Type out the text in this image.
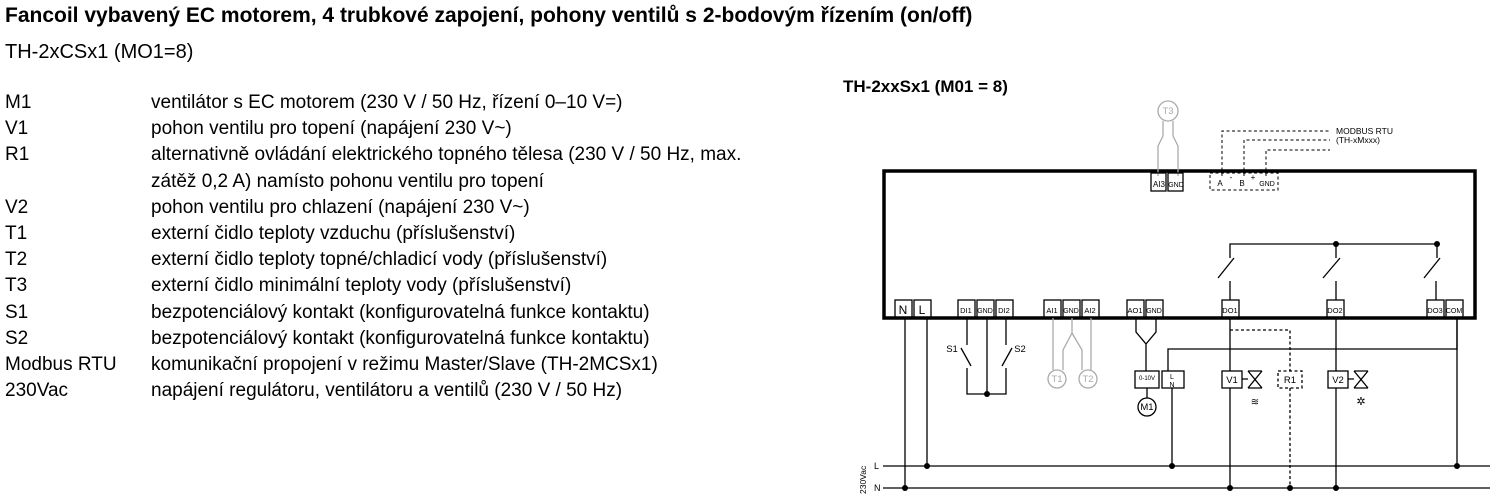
Fancoil vybavený EC motorem, 4 trubkové zapojení, pohony ventilů s 2-bodovým řízením (on/off)
TH-2xCSx1 (MO1=8)
M1	ventilátor s EC motorem (230 V / 50 Hz, řízení 0–10 V=)
V1	pohon ventilu pro topení (napájení 230 V~)
R1	alternativně ovládání elektrického topného tělesa (230 V / 50 Hz, max. zátěž 0,2 A) namísto pohonu ventilu pro topení
V2	pohon ventilu pro chlazení (napájení 230 V~)
T1	externí čidlo teploty vzduchu (příslušenství)
T2	externí čidlo teploty topné/chladicí vody (příslušenství)
T3	externí čidlo minimální teploty vody (příslušenství)
S1	bezpotenciálový kontakt (konfigurovatelná funkce kontaktu)
S2	bezpotenciálový kontakt (konfigurovatelná funkce kontaktu)
Modbus RTU	komunikační propojení v režimu Master/Slave (TH-2MCSx1)
230Vac	napájení regulátoru, ventilátoru a ventilů (230 V / 50 Hz)
TH-2xxSx1 (M01 = 8)
T3
AI3 GND	A
-
B
+
GND
N L	DI1 GND DI2	AI1 GND AI2	AO1 GND	DO1	DO2	DO3 COM
S1	S2
T1 T2	0-10V L
N
M1
V1	R1	V2
MODBUS RTU
(TH-xMxxx)
≋	✲
L
N
230Vac
